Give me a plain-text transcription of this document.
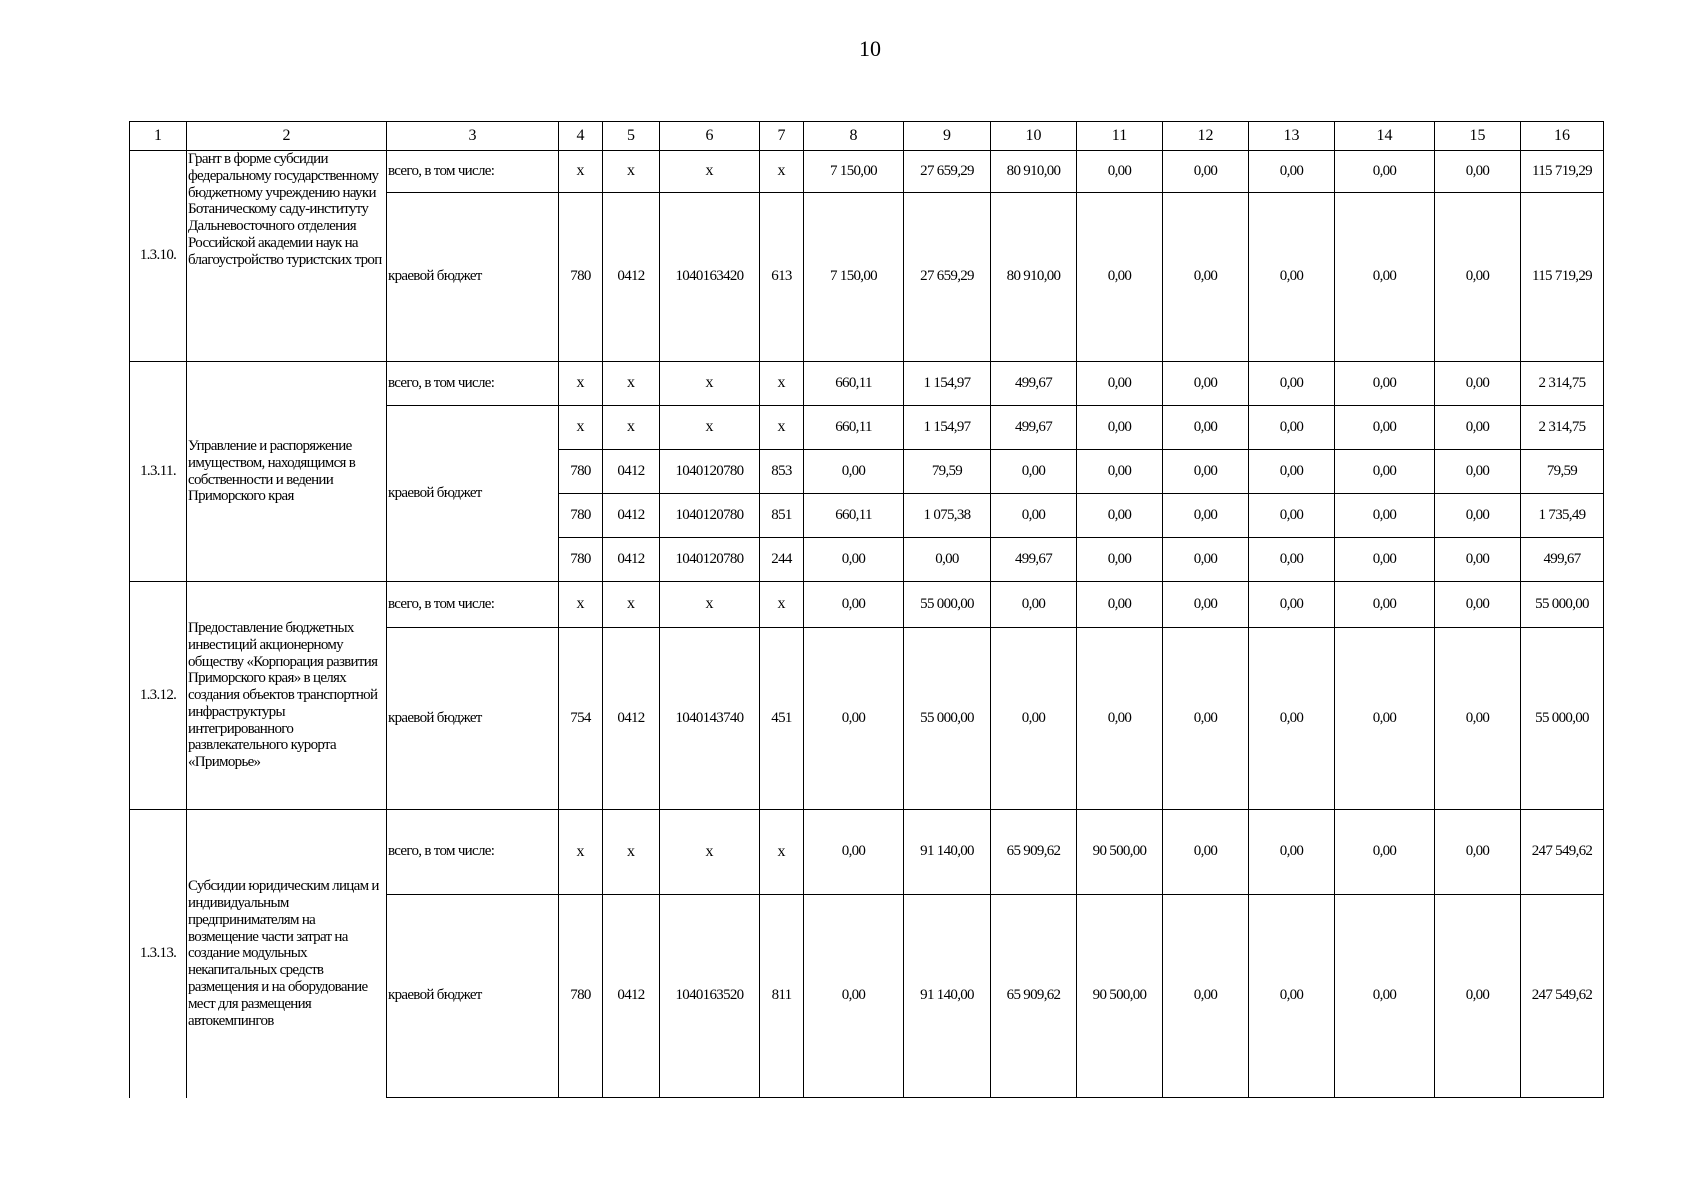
10
1	2	3	4	5	6	7	8	9	10	11	12	13	14	15	16
1.3.10.	Грант в форме субсидии федеральному государственному бюджетному учреждению науки Ботаническому саду-институту Дальневосточного отделения Российской академии наук на благоустройство туристских троп	всего, в том числе:	x	x	x	x	7 150,00	27 659,29	80 910,00	0,00	0,00	0,00	0,00	0,00	115 719,29
		краевой бюджет	780	0412	1040163420	613	7 150,00	27 659,29	80 910,00	0,00	0,00	0,00	0,00	0,00	115 719,29
1.3.11.	Управление и распоряжение имуществом, находящимся в собственности и ведении Приморского края	всего, в том числе:	x	x	x	x	660,11	1 154,97	499,67	0,00	0,00	0,00	0,00	0,00	2 314,75
		краевой бюджет	x	x	x	x	660,11	1 154,97	499,67	0,00	0,00	0,00	0,00	0,00	2 314,75
			780	0412	1040120780	853	0,00	79,59	0,00	0,00	0,00	0,00	0,00	0,00	79,59
			780	0412	1040120780	851	660,11	1 075,38	0,00	0,00	0,00	0,00	0,00	0,00	1 735,49
			780	0412	1040120780	244	0,00	0,00	499,67	0,00	0,00	0,00	0,00	0,00	499,67
1.3.12.	Предоставление бюджетных инвестиций акционерному обществу «Корпорация развития Приморского края» в целях создания объектов транспортной инфраструктуры интегрированного развлекательного курорта «Приморье»	всего, в том числе:	x	x	x	x	0,00	55 000,00	0,00	0,00	0,00	0,00	0,00	0,00	55 000,00
		краевой бюджет	754	0412	1040143740	451	0,00	55 000,00	0,00	0,00	0,00	0,00	0,00	0,00	55 000,00
1.3.13.	Субсидии юридическим лицам и индивидуальным предпринимателям на возмещение части затрат на создание модульных некапитальных средств размещения и на оборудование мест для размещения автокемпингов	всего, в том числе:	x	x	x	x	0,00	91 140,00	65 909,62	90 500,00	0,00	0,00	0,00	0,00	247 549,62
		краевой бюджет	780	0412	1040163520	811	0,00	91 140,00	65 909,62	90 500,00	0,00	0,00	0,00	0,00	247 549,62
